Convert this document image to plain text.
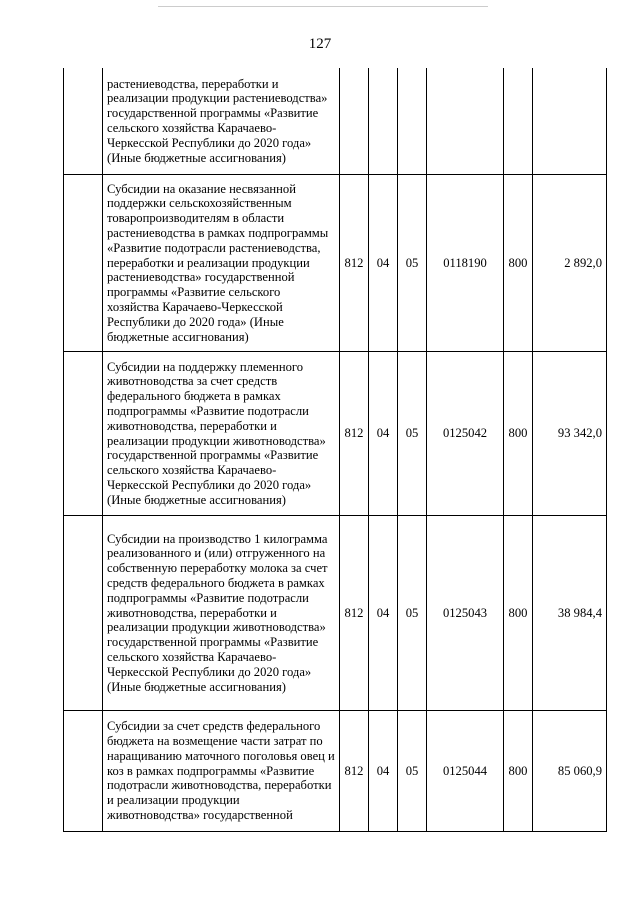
127
	растениеводства, переработки и реализации продукции растениеводства» государственной программы «Развитие сельского хозяйства Карачаево-Черкесской Республики до 2020 года» (Иные бюджетные ассигнования)						
	Субсидии на оказание несвязанной поддержки сельскохозяйственным товаропроизводителям в области растениеводства в рамках подпрограммы «Развитие подотрасли растениеводства, переработки и реализации продукции растениеводства» государственной программы «Развитие сельского хозяйства Карачаево-Черкесской Республики до 2020 года» (Иные бюджетные ассигнования)	812	04	05	0118190	800	2 892,0
	Субсидии на поддержку племенного животноводства за счет средств федерального бюджета в рамках подпрограммы «Развитие подотрасли животноводства, переработки и реализации продукции животноводства» государственной программы «Развитие сельского хозяйства Карачаево-Черкесской Республики до 2020 года» (Иные бюджетные ассигнования)	812	04	05	0125042	800	93 342,0
	Субсидии на производство 1 килограмма реализованного и (или) отгруженного на собственную переработку молока за счет средств федерального бюджета в рамках подпрограммы «Развитие подотрасли животноводства, переработки и реализации продукции животноводства» государственной программы «Развитие сельского хозяйства Карачаево-Черкесской Республики до 2020 года» (Иные бюджетные ассигнования)	812	04	05	0125043	800	38 984,4
	Субсидии за счет средств федерального бюджета на возмещение части затрат по наращиванию маточного поголовья овец и коз в рамках подпрограммы «Развитие подотрасли животноводства, переработки и реализации продукции животноводства» государственной	812	04	05	0125044	800	85 060,9
